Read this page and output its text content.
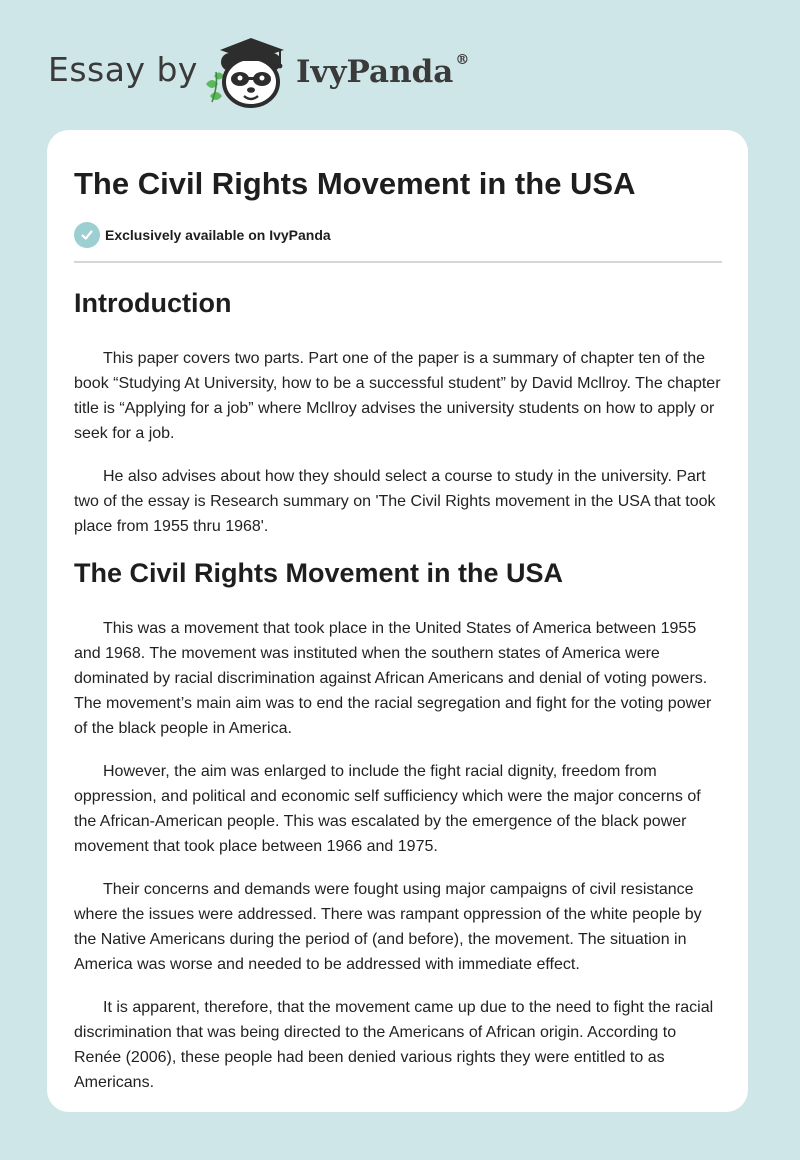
Essay by	IvyPanda ®
The Civil Rights Movement in the USA
Exclusively available on IvyPanda
Introduction

This paper covers two parts. Part one of the paper is a summary of chapter ten of the book “Studying At University, how to be a successful student” by David Mcllroy. The chapter title is “Applying for a job” where Mcllroy advises the university students on how to apply or seek for a job.

He also advises about how they should select a course to study in the university. Part two of the essay is Research summary on 'The Civil Rights movement in the USA that took place from 1955 thru 1968'.

The Civil Rights Movement in the USA

This was a movement that took place in the United States of America between 1955 and 1968. The movement was instituted when the southern states of America were dominated by racial discrimination against African Americans and denial of voting powers. The movement’s main aim was to end the racial segregation and fight for the voting power of the black people in America.

However, the aim was enlarged to include the fight racial dignity, freedom from oppression, and political and economic self sufficiency which were the major concerns of the African-American people. This was escalated by the emergence of the black power movement that took place between 1966 and 1975.

Their concerns and demands were fought using major campaigns of civil resistance where the issues were addressed. There was rampant oppression of the white people by the Native Americans during the period of (and before), the movement. The situation in America was worse and needed to be addressed with immediate effect.

It is apparent, therefore, that the movement came up due to the need to fight the racial discrimination that was being directed to the Americans of African origin. According to Renée (2006), these people had been denied various rights they were entitled to as Americans.
